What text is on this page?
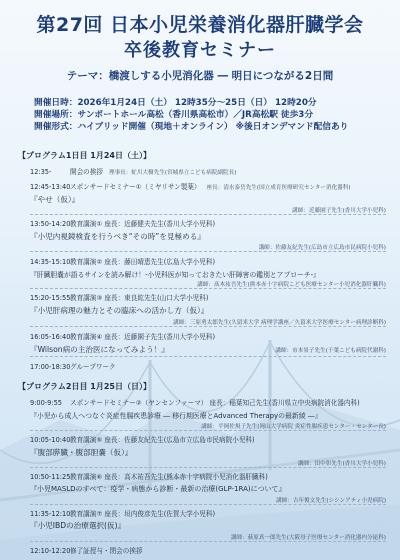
第27回 日本小児栄養消化器肝臓学会
卒後教育セミナー
テーマ：橋渡しする小児消化器 ― 明日につながる2日間
開催日時：2026年1月24日（土） 12時35分〜25日（日） 12時20分
開催場所：サンポートホール高松（香川県高松市）／JR高松駅 徒歩3分
開催形式：ハイブリッド開催（現地＋オンライン） ※後日オンデマンド配信あり
【プログラム1日目 1月24日（土）】
12:35-	開会の挨拶 理事長：虻川大樹先生(宮城県立こども病院副院長)
12:45-13:40スポンサードセミナー①（ミヤリサン製薬） 座長：清水泰岳先生(国立成育医療研究センター消化器科)
『やせ（仮）』
講師：近藤園子先生(香川大学小児科)
13:50-14:20教育講演① 座長：近藤健夫先生(香川大学小児科)
『小児内視鏡検査を行うべき“その時”を見極める』
講師：佐藤友紀先生(広島市立広島市民病院小児科)
14:35-15:10教育講演② 座長：藤田晴恵先生(広島大学小児科)
『肝臓胆嚢が語るサインを読み解け！-小児科医が知っておきたい肝障害の鑑別とアプローチ-』
講師：髙木祐吾先生(熊本赤十字病院こども医療センター小児消化器肝臓科)
15:20-15:55教育講演③ 座長：東良紘先生(山口大学小児科)
『小児肝病理の魅力とその臨床への活かし方（仮）』
講師：三原勇太郎先生(久留米大学 病理学講座／久留米大学医療センター病理診断科)
16:05-16:40教育講演④ 座長：近藤園子先生(香川大学小児科)
『Wilson病の主治医になってみよう！』	講師：市本景子先生(千葉こども病院代謝科)
17:00-18:30グループワーク
【プログラム2日目 1月25日（日）】
9:00-9:55 スポンサードセミナー②（ヤンセンファーマ） 座長：稲葉知己先生(香川県立中央病院消化器内科)
『小児から成人へつなぐ炎症性腸疾患診療 ― 移行期医療とAdvanced Therapyの最新綾 ―』
講師：平岡佐規子先生(岡山大学病院 炎症性腸疾患センター・センター長)
10:05-10:40教育講演⑤ 座長：佐藤友紀先生(広島市立広島市民病院小児科)
『腹部膵臓・腹部胆嚢（仮）』
講師：田中彰先生(香川大学小児科)
10:50-11:25教育講演⑥ 座長：高木祐吾先生(熊本赤十字病院小児消化器肝臓科)
『小児MASLDのすべて：疫学・病態から診断・最新の治療(GLP-1RA)について』
講師：吉年俊文先生(シシンアティ小児病院)
11:35-12:10教育講演⑦ 座長：垣内俊彦先生(佐賀大学小児科)
『小児IBDの治療選択(仮)』
講師：萩原真一郎先生(大阪母子医療センター消化器内分泌科)
12:10-12:20修了証授与・閉会の挨拶
